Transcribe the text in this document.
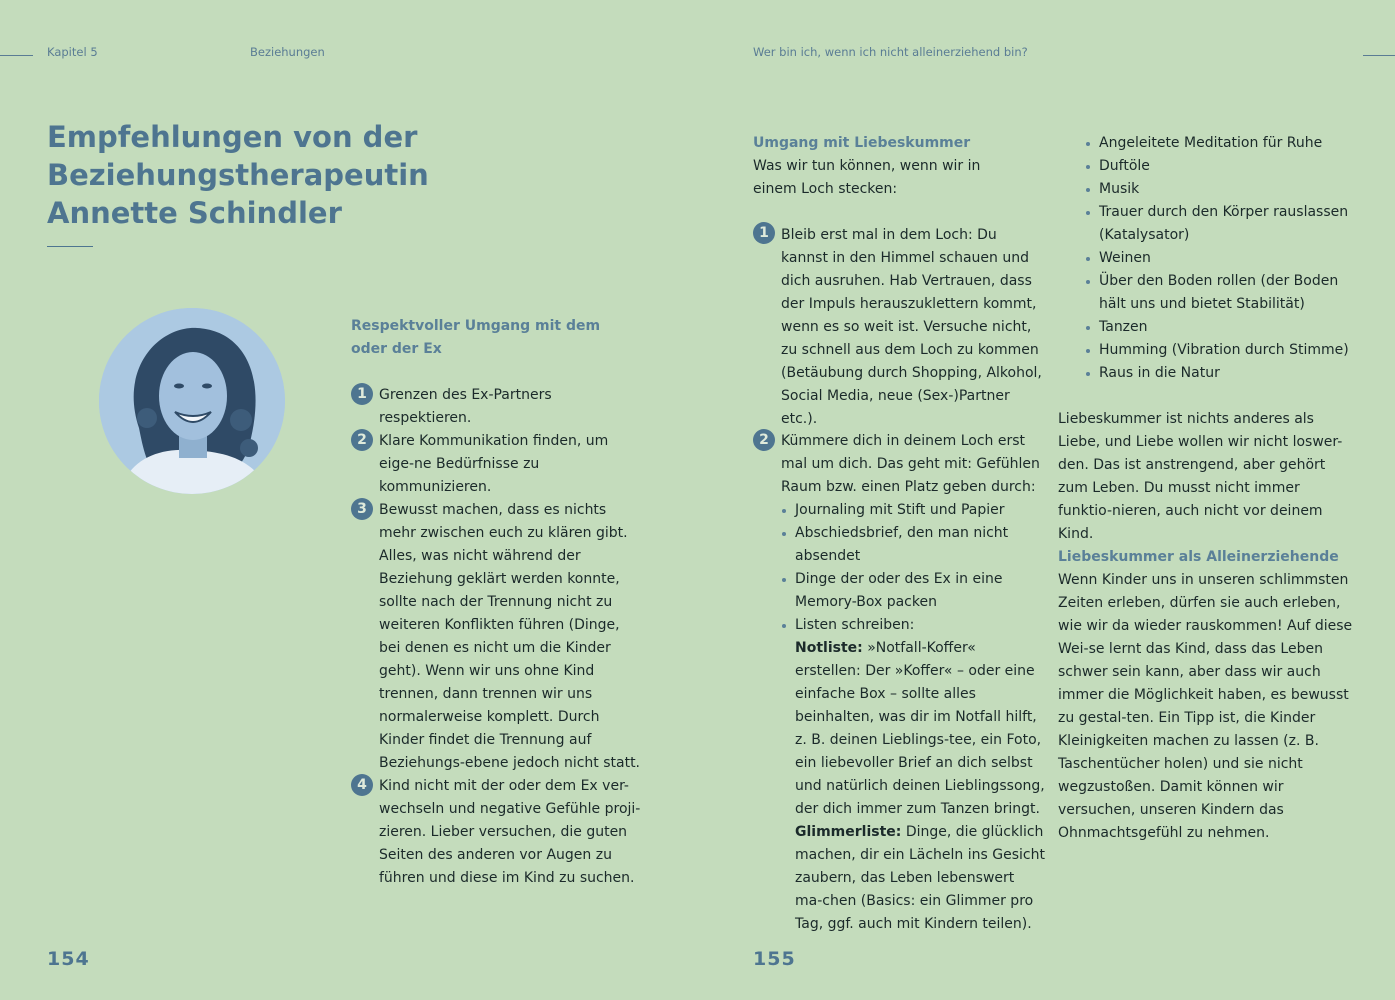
Kapitel 5	Beziehungen	Wer bin ich, wenn ich nicht alleinerziehend bin?
Empfehlungen von der
Beziehungstherapeutin
Annette Schindler
Respektvoller Umgang mit dem
oder der Ex
1 Grenzen des Ex-Partners respektieren.
2 Klare Kommunikation finden, um eige-ne Bedürfnisse zu kommunizieren.
3 Bewusst machen, dass es nichts mehr zwischen euch zu klären gibt. Alles, was nicht während der Beziehung geklärt werden konnte, sollte nach der Trennung nicht zu weiteren Konflikten führen (Dinge, bei denen es nicht um die Kinder geht). Wenn wir uns ohne Kind trennen, dann trennen wir uns normalerweise komplett. Durch Kinder findet die Trennung auf Beziehungs-ebene jedoch nicht statt.
4 Kind nicht mit der oder dem Ex ver-wechseln und negative Gefühle proji-zieren. Lieber versuchen, die guten Seiten des anderen vor Augen zu führen und diese im Kind zu suchen.
154
Umgang mit Liebeskummer
Was wir tun können, wenn wir in einem Loch stecken:
1 Bleib erst mal in dem Loch: Du kannst in den Himmel schauen und dich ausruhen. Hab Vertrauen, dass der Impuls herauszuklettern kommt, wenn es so weit ist. Versuche nicht, zu schnell aus dem Loch zu kommen (Betäubung durch Shopping, Alkohol, Social Media, neue (Sex-)Partner etc.).
2 Kümmere dich in deinem Loch erst mal um dich. Das geht mit: Gefühlen Raum bzw. einen Platz geben durch:
Journaling mit Stift und Papier
Abschiedsbrief, den man nicht absendet
Dinge der oder des Ex in eine Memory-Box packen
Listen schreiben:
Notliste: »Notfall-Koffer« erstellen: Der »Koffer« – oder eine einfache Box – sollte alles beinhalten, was dir im Notfall hilft, z. B. deinen Lieblings-tee, ein Foto, ein liebevoller Brief an dich selbst und natürlich deinen Lieblingssong, der dich immer zum Tanzen bringt.
Glimmerliste: Dinge, die glücklich machen, dir ein Lächeln ins Gesicht zaubern, das Leben lebenswert ma-chen (Basics: ein Glimmer pro Tag, ggf. auch mit Kindern teilen).
155
Angeleitete Meditation für Ruhe
Duftöle
Musik
Trauer durch den Körper rauslassen (Katalysator)
Weinen
Über den Boden rollen (der Boden hält uns und bietet Stabilität)
Tanzen
Humming (Vibration durch Stimme)
Raus in die Natur
Liebeskummer ist nichts anderes als Liebe, und Liebe wollen wir nicht loswer-den. Das ist anstrengend, aber gehört zum Leben. Du musst nicht immer funktio-nieren, auch nicht vor deinem Kind.
Liebeskummer als Alleinerziehende
Wenn Kinder uns in unseren schlimmsten Zeiten erleben, dürfen sie auch erleben, wie wir da wieder rauskommen! Auf diese Wei-se lernt das Kind, dass das Leben schwer sein kann, aber dass wir auch immer die Möglichkeit haben, es bewusst zu gestal-ten. Ein Tipp ist, die Kinder Kleinigkeiten machen zu lassen (z. B. Taschentücher holen) und sie nicht wegzustoßen. Damit können wir versuchen, unseren Kindern das Ohnmachtsgefühl zu nehmen.
